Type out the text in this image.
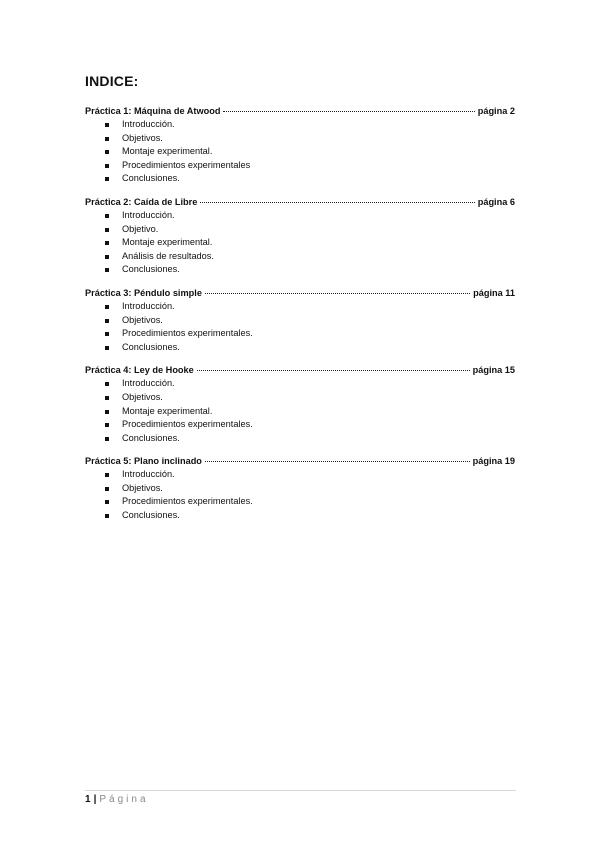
INDICE:
Práctica 1: Máquina de Atwood	página 2
Introducción.
Objetivos.
Montaje experimental.
Procedimientos experimentales
Conclusiones.
Práctica 2: Caída de Libre	página 6
Introducción.
Objetivo.
Montaje experimental.
Análisis de resultados.
Conclusiones.
Práctica 3: Péndulo simple	página 11
Introducción.
Objetivos.
Procedimientos experimentales.
Conclusiones.
Práctica 4: Ley de Hooke	página 15
Introducción.
Objetivos.
Montaje experimental.
Procedimientos experimentales.
Conclusiones.
Práctica 5: Plano inclinado	página 19
Introducción.
Objetivos.
Procedimientos experimentales.
Conclusiones.
1 | Página
